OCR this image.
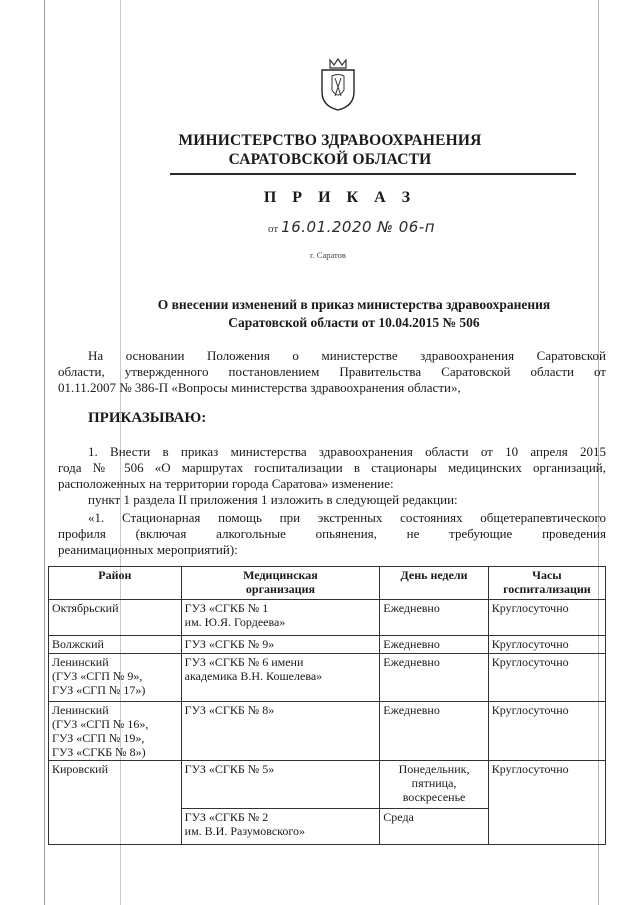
МИНИСТЕРСТВО ЗДРАВООХРАНЕНИЯ
САРАТОВСКОЙ ОБЛАСТИ
П Р И К А З
от 16.01.2020 № 06-п
г. Саратов
О внесении изменений в приказ министерства здравоохранения
Саратовской области от 10.04.2015 № 506
На основании Положения о министерстве здравоохранения Саратовской
области, утвержденного постановлением Правительства Саратовской области от
01.11.2007 № 386-П «Вопросы министерства здравоохранения области»,
ПРИКАЗЫВАЮ:
1. Внести в приказ министерства здравоохранения области от 10 апреля 2015
года № 506 «О маршрутах госпитализации в стационары медицинских организаций,
расположенных на территории города Саратова» изменение:
пункт 1 раздела II приложения 1 изложить в следующей редакции:
«1. Стационарная помощь при экстренных состояниях общетерапевтического
профиля (включая алкогольные опьянения, не требующие проведения
реанимационных мероприятий):
Район	Медицинская
организация	День недели	Часы
госпитализации

Октябрьский	ГУЗ «СГКБ № 1
им. Ю.Я. Гордеева»	Ежедневно	Круглосуточно

Волжский	ГУЗ «СГКБ № 9»	Ежедневно	Круглосуточно

Ленинский
(ГУЗ «СГП № 9»,
ГУЗ «СГП № 17»)	ГУЗ «СГКБ № 6 имени
академика В.Н. Кошелева»	Ежедневно	Круглосуточно

Ленинский
(ГУЗ «СГП № 16»,
ГУЗ «СГП № 19»,
ГУЗ «СГКБ № 8»)	ГУЗ «СГКБ № 8»	Ежедневно	Круглосуточно

Кировский	ГУЗ «СГКБ № 5»	Понедельник,
пятница,
воскресенье	Круглосуточно

	ГУЗ «СГКБ № 2
им. В.И. Разумовского»	Среда	
